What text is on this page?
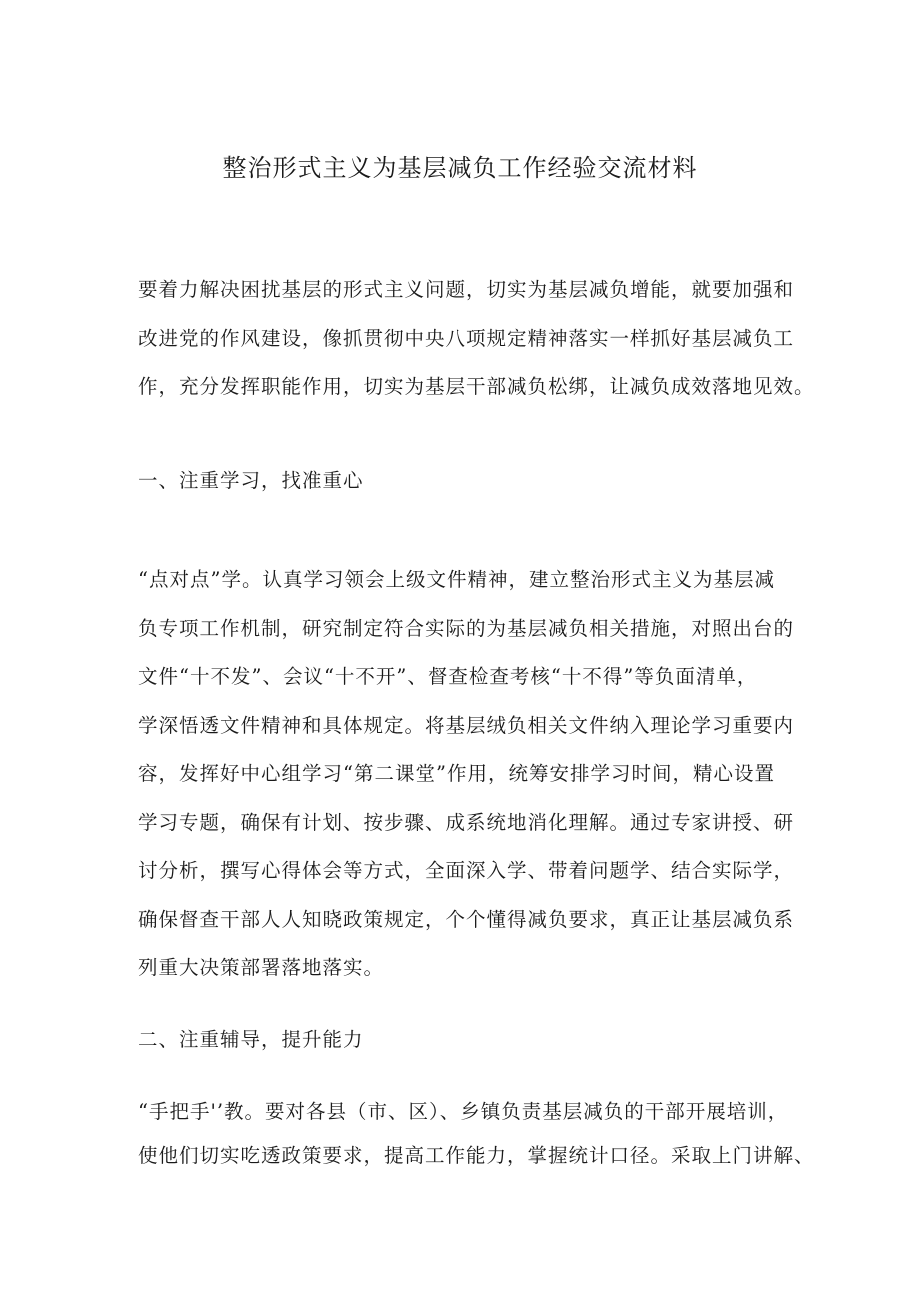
整治形式主义为基层减负工作经验交流材料

要着力解决困扰基层的形式主义问题，切实为基层减负增能，就要加强和
改进党的作风建设，像抓贯彻中央八项规定精神落实一样抓好基层减负工
作，充分发挥职能作用，切实为基层干部减负松绑，让减负成效落地见效。

一、注重学习，找准重心

“点对点”学。认真学习领会上级文件精神，建立整治形式主义为基层减
负专项工作机制，研究制定符合实际的为基层减负相关措施，对照出台的
文件“十不发”、会议“十不开”、督查检查考核“十不得”等负面清单，
学深悟透文件精神和具体规定。将基层绒负相关文件纳入理论学习重要内
容，发挥好中心组学习“第二课堂”作用，统筹安排学习时间，精心设置
学习专题，确保有计划、按步骤、成系统地消化理解。通过专家讲授、研
讨分析，撰写心得体会等方式，全面深入学、带着问题学、结合实际学，
确保督查干部人人知晓政策规定，个个懂得减负要求，真正让基层减负系
列重大决策部署落地落实。

二、注重辅导，提升能力

“手把手'’教。要对各县（市、区）、乡镇负责基层减负的干部开展培训，
使他们切实吃透政策要求，提高工作能力，掌握统计口径。采取上门讲解、
